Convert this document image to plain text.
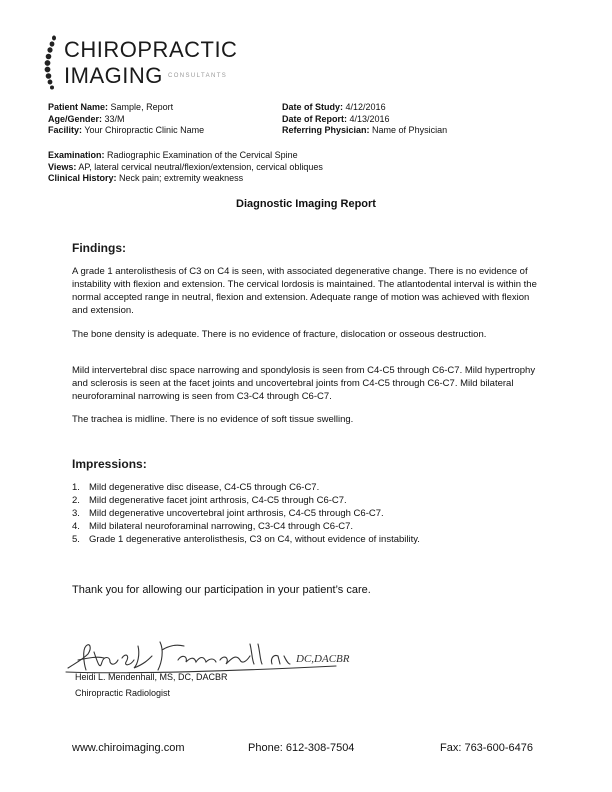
CHIROPRACTIC
IMAGING CONSULTANTS
Patient Name: Sample, Report
Age/Gender: 33/M
Facility: Your Chiropractic Clinic Name
Date of Study: 4/12/2016
Date of Report: 4/13/2016
Referring Physician: Name of Physician
Examination: Radiographic Examination of the Cervical Spine
Views: AP, lateral cervical neutral/flexion/extension, cervical obliques
Clinical History: Neck pain; extremity weakness
Diagnostic Imaging Report
Findings:
A grade 1 anterolisthesis of C3 on C4 is seen, with associated degenerative change. There is no evidence of instability with flexion and extension. The cervical lordosis is maintained. The atlantodental interval is within the normal accepted range in neutral, flexion and extension. Adequate range of motion was achieved with flexion and extension.
The bone density is adequate. There is no evidence of fracture, dislocation or osseous destruction.
Mild intervertebral disc space narrowing and spondylosis is seen from C4-C5 through C6-C7. Mild hypertrophy and sclerosis is seen at the facet joints and uncovertebral joints from C4-C5 through C6-C7. Mild bilateral neuroforaminal narrowing is seen from C3-C4 through C6-C7.
The trachea is midline. There is no evidence of soft tissue swelling.
Impressions:
1. Mild degenerative disc disease, C4-C5 through C6-C7.
2. Mild degenerative facet joint arthrosis, C4-C5 through C6-C7.
3. Mild degenerative uncovertebral joint arthrosis, C4-C5 through C6-C7.
4. Mild bilateral neuroforaminal narrowing, C3-C4 through C6-C7.
5. Grade 1 degenerative anterolisthesis, C3 on C4, without evidence of instability.
Thank you for allowing our participation in your patient’s care.
DC,DACBR
Heidi L. Mendenhall, MS, DC, DACBR
Chiropractic Radiologist
www.chiroimaging.com	Phone: 612-308-7504	Fax: 763-600-6476
